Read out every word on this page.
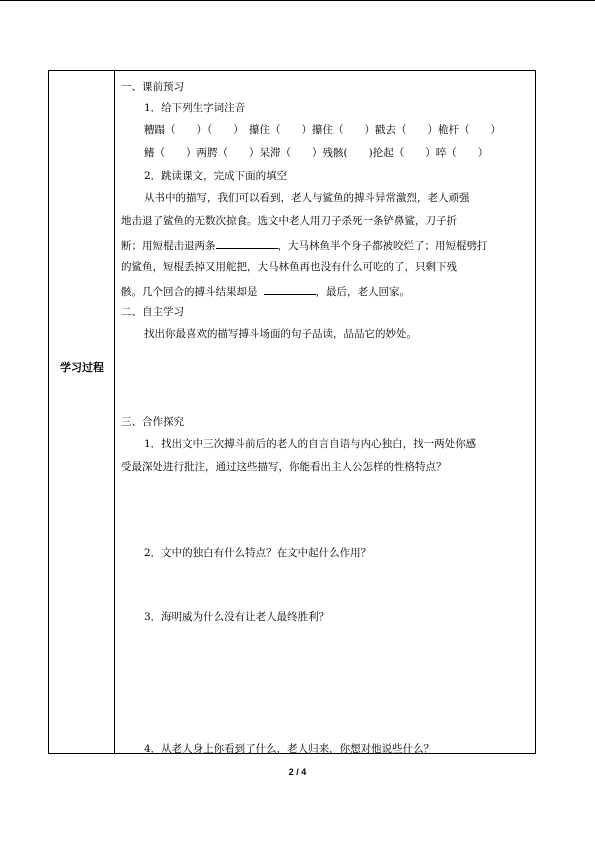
学习过程
一、课前预习
1．给下列生字词注音
糟蹋（　　）（　　）　攥住（　　）攥住（　　）戳去（　　）桅杆（　　）
鳍（　　）两腭（　　）呆滞（　　）残骸(　　)抡起（　　）啐（　　）
2．跳读课文，完成下面的填空
从书中的描写，我们可以看到，老人与鲨鱼的搏斗异常激烈，老人顽强
地击退了鲨鱼的无数次掠食。选文中老人用刀子杀死一条铲鼻鲨，刀子折
断；用短棍击退两条	，大马林鱼半个身子都被咬烂了；用短棍劈打
的鲨鱼，短棍丢掉又用舵把，大马林鱼再也没有什么可吃的了，只剩下残
骸。几个回合的搏斗结果却是	，最后，老人回家。
二、自主学习
找出你最喜欢的描写搏斗场面的句子品读，品品它的妙处。
三、合作探究
1．找出文中三次搏斗前后的老人的自言自语与内心独白，找一两处你感
受最深处进行批注，通过这些描写，你能看出主人公怎样的性格特点？
2．文中的独白有什么特点？在文中起什么作用？
3．海明威为什么没有让老人最终胜利？
4．从老人身上你看到了什么，老人归来，你想对他说些什么？
2 / 4
